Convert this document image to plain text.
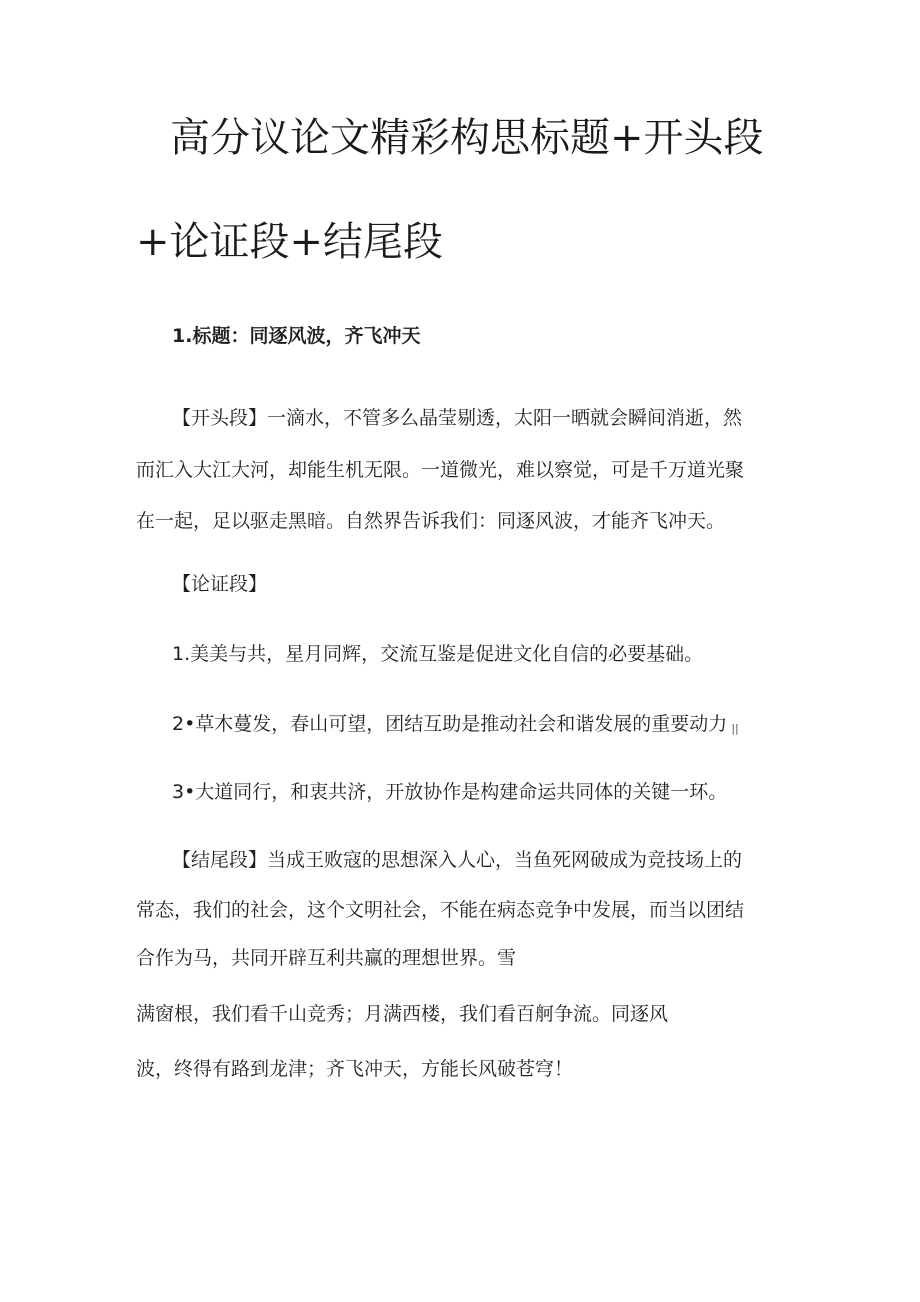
高分议论文精彩构思标题+开头段
+论证段+结尾段
1.标题：同逐风波，齐飞冲天
【开头段】一滴水，不管多么晶莹剔透，太阳一晒就会瞬间消逝，然
而汇入大江大河，却能生机无限。一道微光，难以察觉，可是千万道光聚
在一起，足以驱走黑暗。自然界告诉我们：同逐风波，才能齐飞冲天。
【论证段】
1.美美与共，星月同辉，交流互鉴是促进文化自信的必要基础。
2•草木蔓发，春山可望，团结互助是推动社会和谐发展的重要动力 ||
3•大道同行，和衷共济，开放协作是构建命运共同体的关键一环。
【结尾段】当成王败寇的思想深入人心，当鱼死网破成为竞技场上的
常态，我们的社会，这个文明社会，不能在病态竞争中发展，而当以团结
合作为马，共同开辟互利共赢的理想世界。雪
满窗根，我们看千山竞秀；月满西楼，我们看百舸争流。同逐风
波，终得有路到龙津；齐飞冲天，方能长风破苍穹！
